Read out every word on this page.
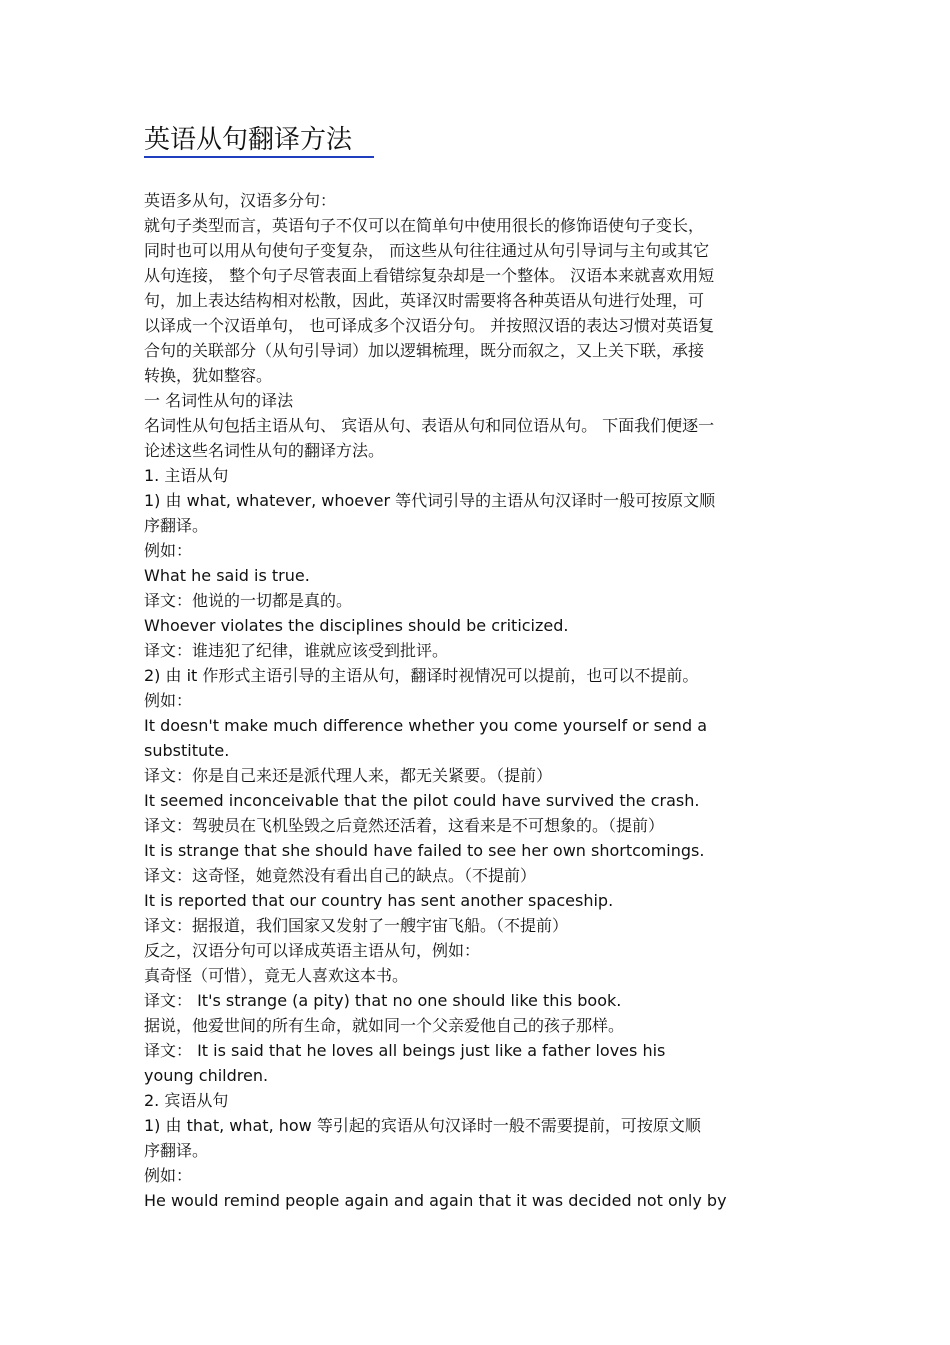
英语从句翻译方法
英语多从句，汉语多分句：
就句子类型而言，英语句子不仅可以在简单句中使用很长的修饰语使句子变长，
同时也可以用从句使句子变复杂， 而这些从句往往通过从句引导词与主句或其它
从句连接， 整个句子尽管表面上看错综复杂却是一个整体。 汉语本来就喜欢用短
句，加上表达结构相对松散，因此，英译汉时需要将各种英语从句进行处理，可
以译成一个汉语单句， 也可译成多个汉语分句。 并按照汉语的表达习惯对英语复
合句的关联部分（从句引导词）加以逻辑梳理，既分而叙之，又上关下联，承接
转换，犹如整容。
一 名词性从句的译法
名词性从句包括主语从句、 宾语从句、表语从句和同位语从句。 下面我们便逐一
论述这些名词性从句的翻译方法。
1. 主语从句
1) 由 what, whatever, whoever 等代词引导的主语从句汉译时一般可按原文顺
序翻译。
例如：
What he said is true.
译文：他说的一切都是真的。
Whoever violates the disciplines should be criticized.
译文：谁违犯了纪律，谁就应该受到批评。
2) 由 it 作形式主语引导的主语从句，翻译时视情况可以提前，也可以不提前。
例如：
It doesn't make much difference whether you come yourself or send a
substitute.
译文：你是自己来还是派代理人来，都无关紧要。（提前）
It seemed inconceivable that the pilot could have survived the crash.
译文：驾驶员在飞机坠毁之后竟然还活着，这看来是不可想象的。（提前）
It is strange that she should have failed to see her own shortcomings.
译文：这奇怪，她竟然没有看出自己的缺点。（不提前）
It is reported that our country has sent another spaceship.
译文：据报道，我们国家又发射了一艘宇宙飞船。（不提前）
反之，汉语分句可以译成英语主语从句，例如：
真奇怪（可惜），竟无人喜欢这本书。
译文： It's strange (a pity) that no one should like this book.
据说，他爱世间的所有生命，就如同一个父亲爱他自己的孩子那样。
译文： It is said that he loves all beings just like a father loves his
young children.
2. 宾语从句
1) 由 that, what, how 等引起的宾语从句汉译时一般不需要提前，可按原文顺
序翻译。
例如：
He would remind people again and again that it was decided not only by
